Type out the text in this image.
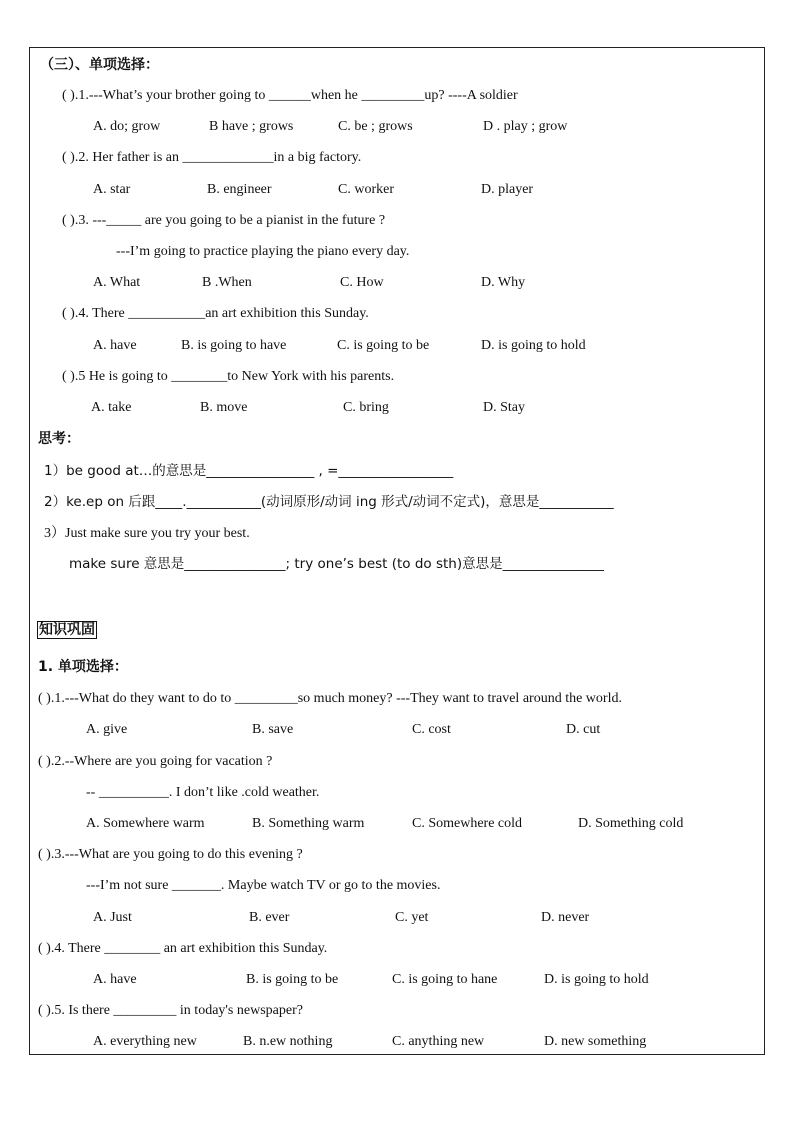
（三）、单项选择：
( ).1.---What’s your brother going to ______when he _________up? ----A soldier
A. do; grow	B have ; grows	C. be ; grows	D . play ; grow
( ).2. Her father is an _____________in a big factory.
A. star	B. engineer	C. worker	D. player
( ).3. ---_____ are you going to be a pianist in the future ?
---I’m going to practice playing the piano every day.
A. What	B .When	C. How	D. Why
( ).4. There ___________an art exhibition this Sunday.
A. have	B. is going to have	C. is going to be	D. is going to hold
( ).5 He is going to ________to New York with his parents.
A. take	B. move	C. bring	D. Stay
思考：
1）be good at…的意思是________________ , =_________________
2）ke.ep on 后跟____.___________(动词原形/动词 ing 形式/动词不定式)，意思是___________
3）Just make sure you try your best.
make sure 意思是_______________; try one’s best (to do sth)意思是_______________
知识巩固
1. 单项选择：
( ).1.---What do they want to do to _________so much money? ---They want to travel around the world.
A. give	B. save	C. cost	D. cut
( ).2.--Where are you going for vacation ?
-- __________. I don’t like .cold weather.
A. Somewhere warm	B. Something warm	C. Somewhere cold	D. Something cold
( ).3.---What are you going to do this evening ?
---I’m not sure _______. Maybe watch TV or go to the movies.
A. Just	B. ever	C. yet	D. never
( ).4. There ________ an art exhibition this Sunday.
A. have	B. is going to be	C. is going to hane	D. is going to hold
( ).5. Is there _________ in today's newspaper?
A. everything new	B. n.ew nothing	C. anything new	D. new something
